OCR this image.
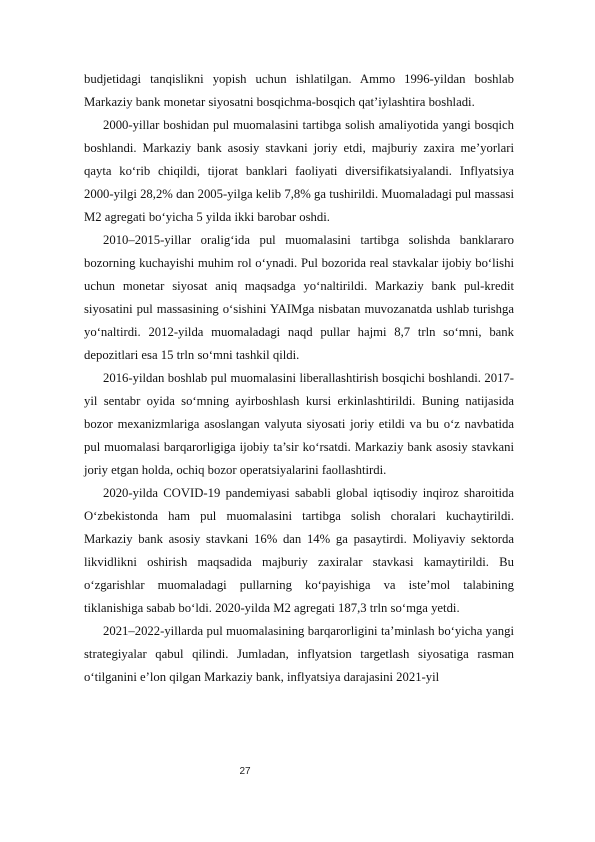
budjetidagi tanqislikni yopish uchun ishlatilgan. Ammo 1996-yildan boshlab Markaziy bank monetar siyosatni bosqichma-bosqich qat’iylashtira boshladi.

2000-yillar boshidan pul muomalasini tartibga solish amaliyotida yangi bosqich boshlandi. Markaziy bank asosiy stavkani joriy etdi, majburiy zaxira me’yorlari qayta ko‘rib chiqildi, tijorat banklari faoliyati diversifikatsiyalandi. Inflyatsiya 2000-yilgi 28,2% dan 2005-yilga kelib 7,8% ga tushirildi. Muomaladagi pul massasi M2 agregati bo‘yicha 5 yilda ikki barobar oshdi.

2010–2015-yillar oralig‘ida pul muomalasini tartibga solishda banklararo bozorning kuchayishi muhim rol o‘ynadi. Pul bozorida real stavkalar ijobiy bo‘lishi uchun monetar siyosat aniq maqsadga yo‘naltirildi. Markaziy bank pul-kredit siyosatini pul massasining o‘sishini YAIMga nisbatan muvozanatda ushlab turishga yo‘naltirdi. 2012-yilda muomaladagi naqd pullar hajmi 8,7 trln so‘mni, bank depozitlari esa 15 trln so‘mni tashkil qildi.

2016-yildan boshlab pul muomalasini liberallashtirish bosqichi boshlandi. 2017-yil sentabr oyida so‘mning ayirboshlash kursi erkinlashtirildi. Buning natijasida bozor mexanizmlariga asoslangan valyuta siyosati joriy etildi va bu o‘z navbatida pul muomalasi barqarorligiga ijobiy ta’sir ko‘rsatdi. Markaziy bank asosiy stavkani joriy etgan holda, ochiq bozor operatsiyalarini faollashtirdi.

2020-yilda COVID-19 pandemiyasi sababli global iqtisodiy inqiroz sharoitida O‘zbekistonda ham pul muomalasini tartibga solish choralari kuchaytirildi. Markaziy bank asosiy stavkani 16% dan 14% ga pasaytirdi. Moliyaviy sektorda likvidlikni oshirish maqsadida majburiy zaxiralar stavkasi kamaytirildi. Bu o‘zgarishlar muomaladagi pullarning ko‘payishiga va iste’mol talabining tiklanishiga sabab bo‘ldi. 2020-yilda M2 agregati 187,3 trln so‘mga yetdi.

2021–2022-yillarda pul muomalasining barqarorligini ta’minlash bo‘yicha yangi strategiyalar qabul qilindi. Jumladan, inflyatsion targetlash siyosatiga rasman o‘tilganini e’lon qilgan Markaziy bank, inflyatsiya darajasini 2021-yil

27
